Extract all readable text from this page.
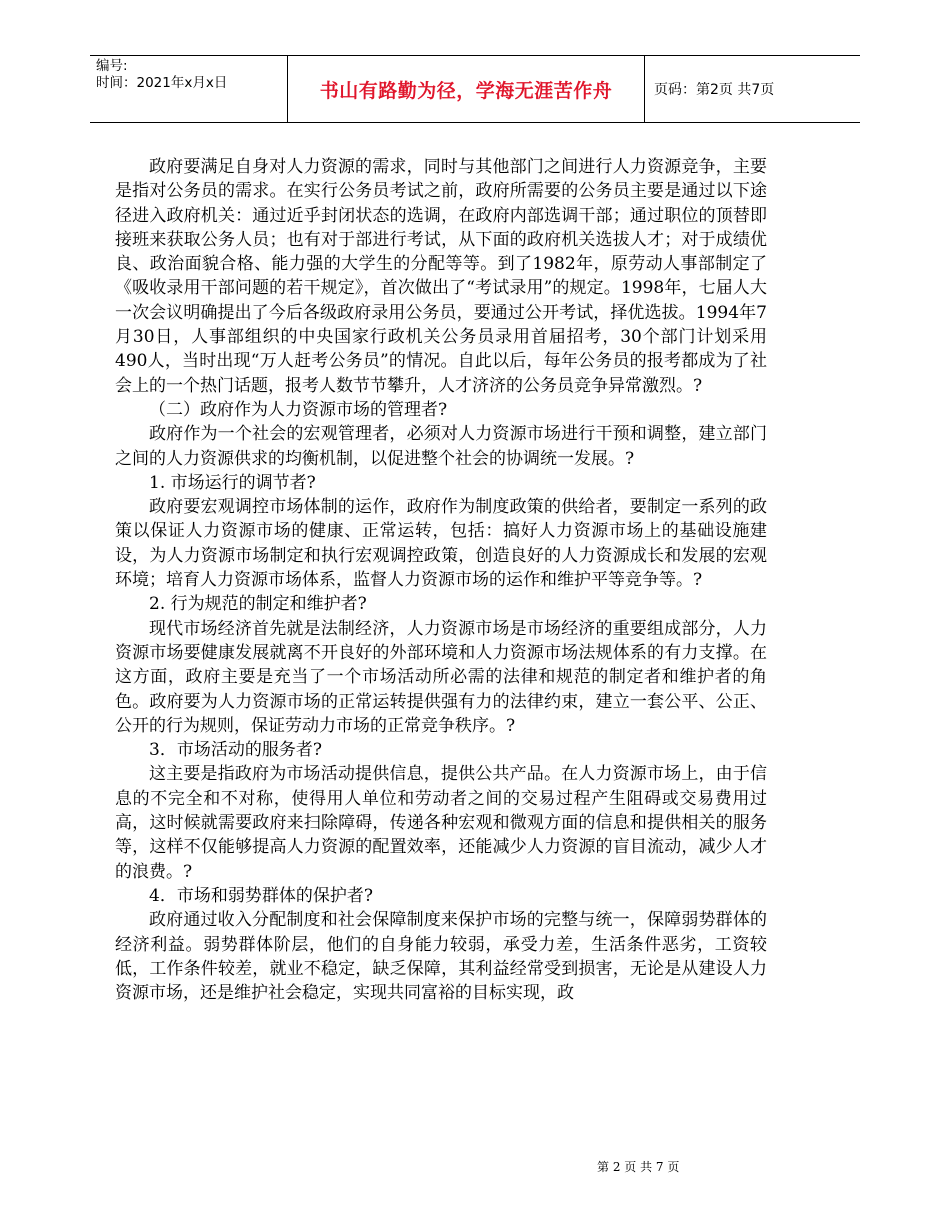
编号:
时间：2021年x月x日	书山有路勤为径，学海无涯苦作舟	页码：第2页 共7页

政府要满足自身对人力资源的需求，同时与其他部门之间进行人力资源竞争，主要是指对公务员的需求。在实行公务员考试之前，政府所需要的公务员主要是通过以下途径进入政府机关：通过近乎封闭状态的选调，在政府内部选调干部；通过职位的顶替即接班来获取公务人员；也有对于部进行考试，从下面的政府机关选拔人才；对于成绩优良、政治面貌合格、能力强的大学生的分配等等。到了1982年，原劳动人事部制定了《吸收录用干部问题的若干规定》，首次做出了“考试录用”的规定。1998年，七届人大一次会议明确提出了今后各级政府录用公务员，要通过公开考试，择优选拔。1994年7月30日，人事部组织的中央国家行政机关公务员录用首届招考，30个部门计划采用490人，当时出现“万人赶考公务员”的情况。自此以后，每年公务员的报考都成为了社会上的一个热门话题，报考人数节节攀升，人才济济的公务员竞争异常激烈。?

（二）政府作为人力资源市场的管理者?

政府作为一个社会的宏观管理者，必须对人力资源市场进行干预和调整，建立部门之间的人力资源供求的均衡机制，以促进整个社会的协调统一发展。?

1. 市场运行的调节者?

政府要宏观调控市场体制的运作，政府作为制度政策的供给者，要制定一系列的政策以保证人力资源市场的健康、正常运转，包括：搞好人力资源市场上的基础设施建设，为人力资源市场制定和执行宏观调控政策，创造良好的人力资源成长和发展的宏观环境；培育人力资源市场体系，监督人力资源市场的运作和维护平等竞争等。?

2. 行为规范的制定和维护者?

现代市场经济首先就是法制经济，人力资源市场是市场经济的重要组成部分，人力资源市场要健康发展就离不开良好的外部环境和人力资源市场法规体系的有力支撑。在这方面，政府主要是充当了一个市场活动所必需的法律和规范的制定者和维护者的角色。政府要为人力资源市场的正常运转提供强有力的法律约束，建立一套公平、公正、公开的行为规则，保证劳动力市场的正常竞争秩序。?

3．市场活动的服务者?

这主要是指政府为市场活动提供信息，提供公共产品。在人力资源市场上，由于信息的不完全和不对称，使得用人单位和劳动者之间的交易过程产生阻碍或交易费用过高，这时候就需要政府来扫除障碍，传递各种宏观和微观方面的信息和提供相关的服务等，这样不仅能够提高人力资源的配置效率，还能减少人力资源的盲目流动，减少人才的浪费。?

4．市场和弱势群体的保护者?

政府通过收入分配制度和社会保障制度来保护市场的完整与统一，保障弱势群体的经济利益。弱势群体阶层，他们的自身能力较弱，承受力差，生活条件恶劣，工资较低，工作条件较差，就业不稳定，缺乏保障，其利益经常受到损害，无论是从建设人力资源市场，还是维护社会稳定，实现共同富裕的目标实现，政

第 2 页 共 7 页
